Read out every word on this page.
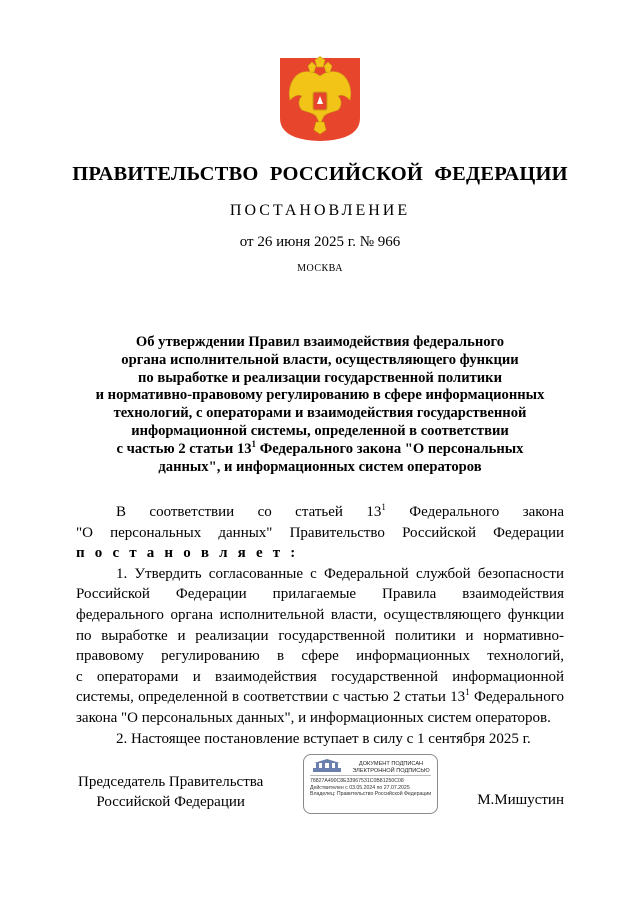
ПРАВИТЕЛЬСТВО РОССИЙСКОЙ ФЕДЕРАЦИИ
ПОСТАНОВЛЕНИЕ
от 26 июня 2025 г. № 966
МОСКВА
Об утверждении Правил взаимодействия федерального
органа исполнительной власти, осуществляющего функции
по выработке и реализации государственной политики
и нормативно-правовому регулированию в сфере информационных
технологий, с операторами и взаимодействия государственной
информационной системы, определенной в соответствии
с частью 2 статьи $13^1$ Федерального закона "О персональных
данных", и информационных систем операторов
В соответствии со статьей $13^1$ Федерального закона
"О персональных данных" Правительство Российской Федерации
п о с т а н о в л я е т :
1. Утвердить согласованные с Федеральной службой безопасности
Российской Федерации прилагаемые Правила взаимодействия
федерального органа исполнительной власти, осуществляющего функции
по выработке и реализации государственной политики и нормативно-
правовому регулированию в сфере информационных технологий,
с операторами и взаимодействия государственной информационной
системы, определенной в соответствии с частью 2 статьи $13^1$ Федерального
закона "О персональных данных", и информационных систем операторов.
2. Настоящее постановление вступает в силу с 1 сентября 2025 г.
Председатель Правительства
Российской Федерации
ДОКУМЕНТ ПОДПИСАН ЭЛЕКТРОННОЙ ПОДПИСЬЮ
78827A490C8E33967531C0B81250C08
Действителен с 03.05.2024 по 27.07.2025
Владелец: Правительство Российской Федерации	М.Мишустин
